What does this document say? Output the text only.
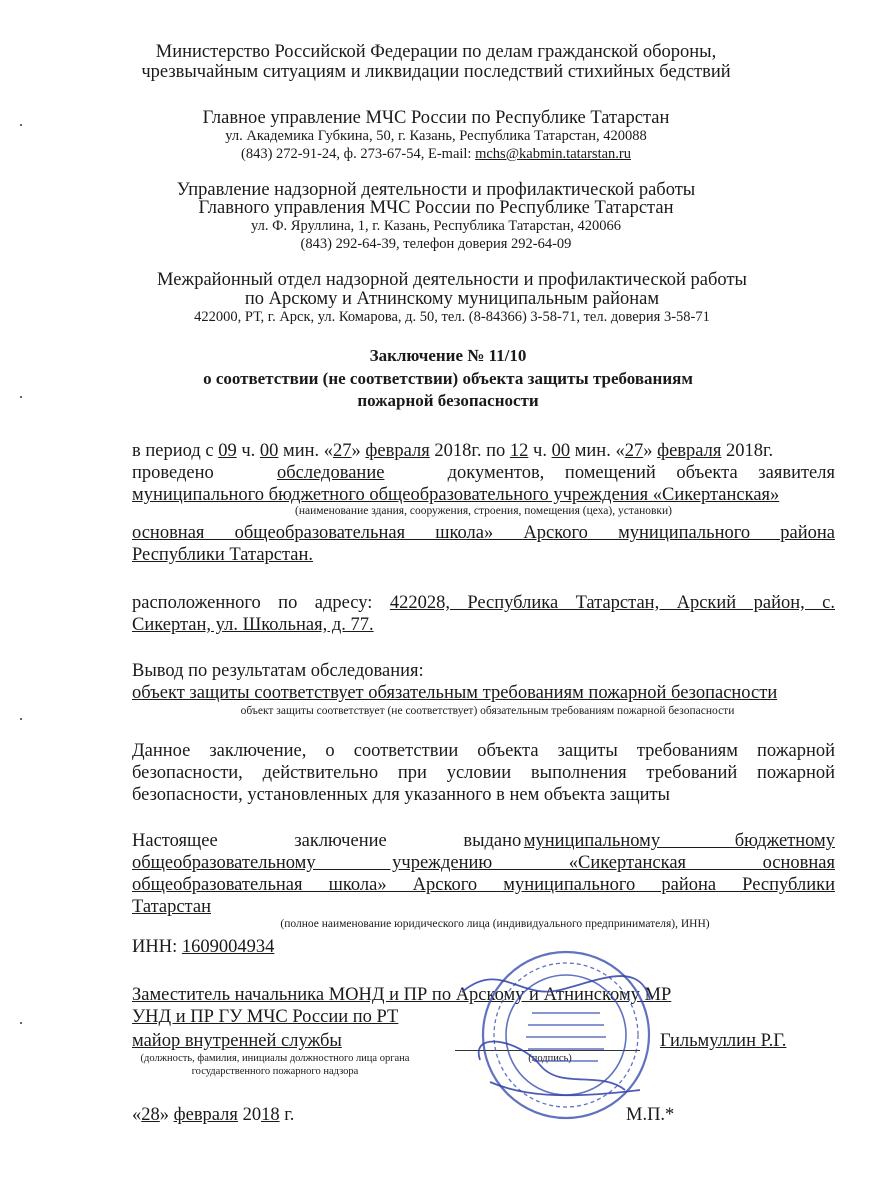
Министерство Российской Федерации по делам гражданской обороны,
чрезвычайным ситуациям и ликвидации последствий стихийных бедствий
Главное управление МЧС России по Республике Татарстан
ул. Академика Губкина, 50, г. Казань, Республика Татарстан, 420088
(843) 272-91-24, ф. 273-67-54, E-mail: mchs@kabmin.tatarstan.ru
Управление надзорной деятельности и профилактической работы
Главного управления МЧС России по Республике Татарстан
ул. Ф. Яруллина, 1, г. Казань, Республика Татарстан, 420066
(843) 292-64-39, телефон доверия 292-64-09
Межрайонный отдел надзорной деятельности и профилактической работы
по Арскому и Атнинскому муниципальным районам
422000, РТ, г. Арск, ул. Комарова, д. 50, тел. (8-84366) 3-58-71, тел. доверия 3-58-71
Заключение № 11/10
о соответствии (не соответствии) объекта защиты требованиям
пожарной безопасности
в период с 09 ч. 00 мин. «27» февраля 2018г. по 12 ч. 00 мин. «27» февраля 2018г.
проведено	обследование	документов, помещений объекта заявителя
муниципального бюджетного общеобразовательного учреждения «Сикертанская»
(наименование здания, сооружения, строения, помещения (цеха), установки)
основная общеобразовательная школа» Арского муниципального района
Республики Татарстан.
расположенного по адресу: 422028, Республика Татарстан, Арский район, с.
Сикертан, ул. Школьная, д. 77.
Вывод по результатам обследования:
объект защиты соответствует обязательным требованиям пожарной безопасности
объект защиты соответствует (не соответствует) обязательным требованиям пожарной безопасности
Данное заключение, о соответствии объекта защиты требованиям пожарной
безопасности, действительно при условии выполнения требований пожарной
безопасности, установленных для указанного в нем объекта защиты
Настоящее заключение выдано муниципальному бюджетному
общеобразовательному учреждению «Сикертанская основная
общеобразовательная школа» Арского муниципального района Республики
Татарстан
(полное наименование юридического лица (индивидуального предпринимателя), ИНН)
ИНН: 1609004934
Заместитель начальника МОНД и ПР по Арскому и Атнинскому МР
УНД и ПР ГУ МЧС России по РТ
майор внутренней службы	Гильмуллин Р.Г.
(должность, фамилия, инициалы должностного лица органа
государственного пожарного надзора
(подпись)
«28» февраля 2018 г.	М.П.*
